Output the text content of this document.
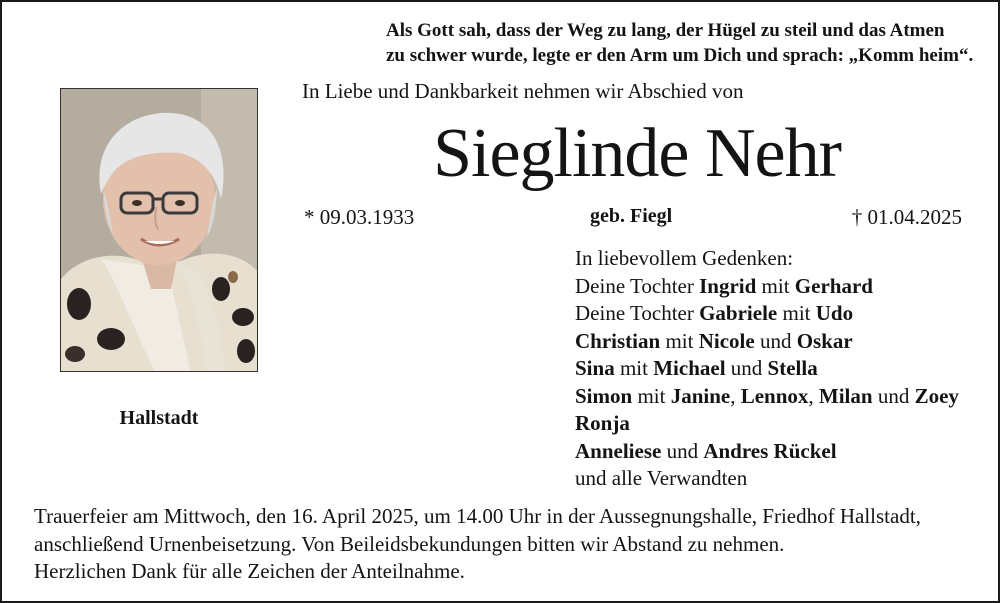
Als Gott sah, dass der Weg zu lang, der Hügel zu steil und das Atmen
zu schwer wurde, legte er den Arm um Dich und sprach: „Komm heim“.
In Liebe und Dankbarkeit nehmen wir Abschied von
Sieglinde Nehr
* 09.03.1933	geb. Fiegl	† 01.04.2025
Hallstadt
In liebevollem Gedenken:
Deine Tochter Ingrid mit Gerhard
Deine Tochter Gabriele mit Udo
Christian mit Nicole und Oskar
Sina mit Michael und Stella
Simon mit Janine, Lennox, Milan und Zoey
Ronja
Anneliese und Andres Rückel
und alle Verwandten
Trauerfeier am Mittwoch, den 16. April 2025, um 14.00 Uhr in der Aussegnungshalle, Friedhof Hallstadt,
anschließend Urnenbeisetzung. Von Beileidsbekundungen bitten wir Abstand zu nehmen.
Herzlichen Dank für alle Zeichen der Anteilnahme.
